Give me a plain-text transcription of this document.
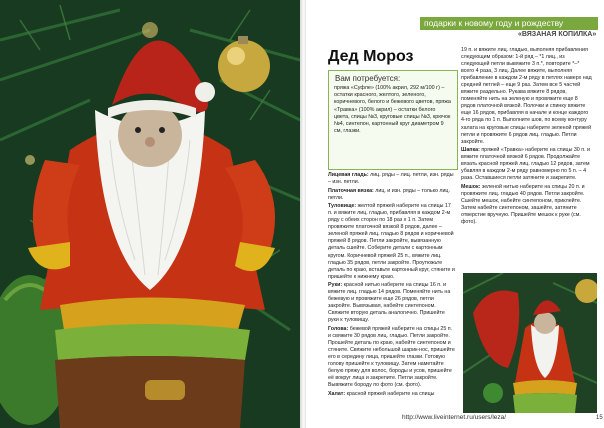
подарки к новому году и рождеству
«ВЯЗАНАЯ КОПИЛКА»
Дед Мороз
Вам потребуется:
пряжа «Суфле» (100% акрил, 292 м/100 г) – остатки красного, желтого, зеленого, коричневого, белого и бежевого цветов, пряжа «Травка» (100% акрил) – остатки белого цвета, спицы №3, круговые спицы №3, крючок №4, синтепон, картонный круг диаметром 9 см, глазки.

Лицевая гладь: лиц. ряды – лиц. петли, изн. ряды – изн. петли.

Платочная вязка: лиц. и изн. ряды – только лиц. петли.

Туловище: желтой пряжей наберите на спицы 17 п. и вяжите лиц. гладью, прибавляя в каждом 2-м ряду с обеих сторон по 18 раз х 1 п. Затем провяжите платочной вязкой 8 рядов, далее – зеленой пряжей лиц. гладью 8 рядов и коричневой пряжей 8 рядов. Петли закройте, вывязанную деталь сшейте. Соберите детали с картонным кругом. Коричневой пряжей 25 п., вяжите лиц. гладью 35 рядов, петли закройте. Проутюжьте деталь по краю, вставьте картонный круг, стяните и пришейте к нижнему краю.

Руки: красной нитью наберите на спицы 16 п. и вяжите лиц. гладью 14 рядов. Поменяйте нить на бежевую и провяжите еще 26 рядов, петли закройте. Вывязывая, набейте синтепоном. Свяжите вторую деталь аналогично. Пришейте руки к туловищу.

Голова: бежевой пряжей наберите на спицы 25 п. и свяжите 30 рядов лиц. гладью. Петли закройте. Прошейте деталь по краю, набейте синтепоном и стяните. Свяжите небольшой шарик-нос, пришейте его в середину лица, пришейте глазки. Готовую голову пришейте к туловищу. Затем наметайте белую пряжу для волос, бороды и усов, пришейте её вокруг лица и закрепите. Петли закройте. Вывяжите бороду по фото (см. фото).

Халат: красной пряжей наберите на спицы

19 п. и вяжите лиц. гладью, выполняя прибавления следующим образом: 1-й ряд – *1 лиц., из следующей петли вывяжите 3 п.*, повторите *–* всего 4 раза, 3 лиц. Далее вяжите, выполняя прибавление в каждом 2-м ряду в петлях наверх над средней петлей – еще 9 раз. Затем все 5 частей вяжите раздельно. Рукава вяжите 8 рядов, поменяйте нить на зеленую и провяжите еще 8 рядов платочной вязкой. Полочки и спинку вяжите еще 16 рядов, прибавляя в начале и конце каждого 4-го ряда по 1 п. Выполните шов, по всему контуру халата на круговые спицы наберите зеленой пряжей петли и провяжите 6 рядов лиц. гладью. Петли закройте.

Шапка: пряжей «Травка» наберите на спицы 30 п. и вяжите платочной вязкой 6 рядов. Продолжайте вязать красной пряжей лиц. гладью 12 рядов, затем убавляя в каждом 2-м ряду равномерно по 5 п. – 4 раза. Оставшиеся петли затяните и закрепите.

Мешок: зеленой нитью наберите на спицы 20 п. и провяжите лиц. гладью 40 рядов. Петли закройте. Сшейте мешок, набейте синтепоном, приклейте. Затем набейте синтепоном, зашейте, затяните отверстие вручную. Пришейте мешок к руке (см. фото).

http://www.liveinternet.ru/users/leza/	15
